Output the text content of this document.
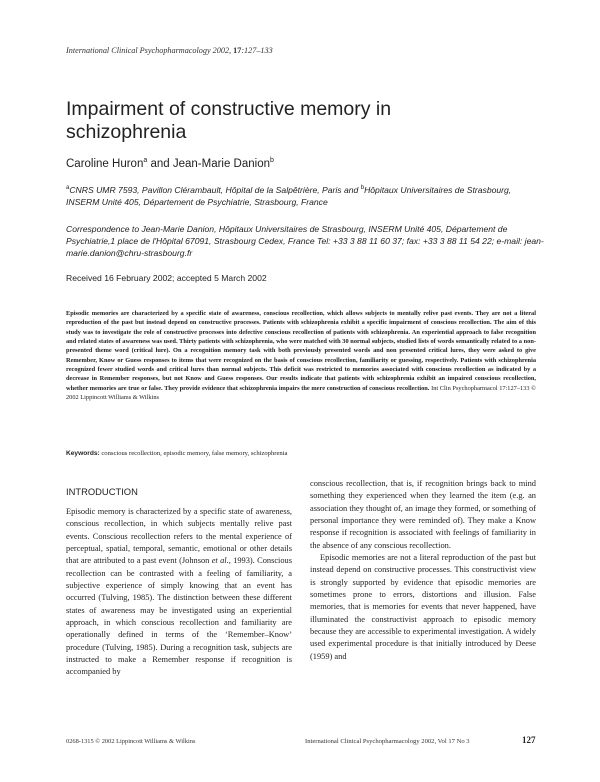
International Clinical Psychopharmacology 2002, 17:127–133
Impairment of constructive memory in schizophrenia
Caroline Huron$^a$ and Jean-Marie Danion$^b$
$^a$CNRS UMR 7593, Pavillon Clérambault, Hôpital de la Salpêtrière, Paris and $^b$Hôpitaux Universitaires de Strasbourg, INSERM Unité 405, Département de Psychiatrie, Strasbourg, France
Correspondence to Jean-Marie Danion, Hôpitaux Universitaires de Strasbourg, INSERM Unité 405, Département de Psychiatrie,1 place de l'Hôpital 67091, Strasbourg Cedex, France Tel: +33 3 88 11 60 37; fax: +33 3 88 11 54 22; e-mail: jean-marie.danion@chru-strasbourg.fr
Received 16 February 2002; accepted 5 March 2002
Episodic memories are characterized by a specific state of awareness, conscious recollection, which allows subjects to mentally relive past events. They are not a literal reproduction of the past but instead depend on constructive processes. Patients with schizophrenia exhibit a specific impairment of conscious recollection. The aim of this study was to investigate the role of constructive processes into defective conscious recollection of patients with schizophrenia. An experiential approach to false recognition and related states of awareness was used. Thirty patients with schizophrenia, who were matched with 30 normal subjects, studied lists of words semantically related to a non-presented theme word (critical lure). On a recognition memory task with both previously presented words and non presented critical lures, they were asked to give Remember, Know or Guess responses to items that were recognized on the basis of conscious recollection, familiarity or guessing, respectively. Patients with schizophrenia recognized fewer studied words and critical lures than normal subjects. This deficit was restricted to memories associated with conscious recollection as indicated by a decrease in Remember responses, but not Know and Guess responses. Our results indicate that patients with schizophrenia exhibit an impaired conscious recollection, whether memories are true or false. They provide evidence that schizophrenia impairs the mere construction of conscious recollection. Int Clin Psychopharmacol 17:127–133 © 2002 Lippincott Williams & Wilkins
Keywords: conscious recollection, episodic memory, false memory, schizophrenia
INTRODUCTION

Episodic memory is characterized by a specific state of awareness, conscious recollection, in which subjects mentally relive past events. Conscious recollection refers to the mental experience of perceptual, spatial, temporal, semantic, emotional or other details that are attributed to a past event (Johnson et al., 1993). Conscious recollection can be contrasted with a feeling of familiarity, a subjective experience of simply knowing that an event has occurred (Tulving, 1985). The distinction between these different states of awareness may be investigated using an experiential approach, in which conscious recollection and familiarity are operationally defined in terms of the ‘Remember–Know’ procedure (Tulving, 1985). During a recognition task, subjects are instructed to make a Remember response if recognition is accompanied by

conscious recollection, that is, if recognition brings back to mind something they experienced when they learned the item (e.g. an association they thought of, an image they formed, or something of personal importance they were reminded of). They make a Know response if recognition is associated with feelings of familiarity in the absence of any conscious recollection.

Episodic memories are not a literal reproduction of the past but instead depend on constructive processes. This constructivist view is strongly supported by evidence that episodic memories are sometimes prone to errors, distortions and illusion. False memories, that is memories for events that never happened, have illuminated the constructivist approach to episodic memory because they are accessible to experimental investigation. A widely used experimental procedure is that initially introduced by Deese (1959) and

0268-1315 © 2002 Lippincott Williams & Wilkins	International Clinical Psychopharmacology 2002, Vol 17 No 3	127
